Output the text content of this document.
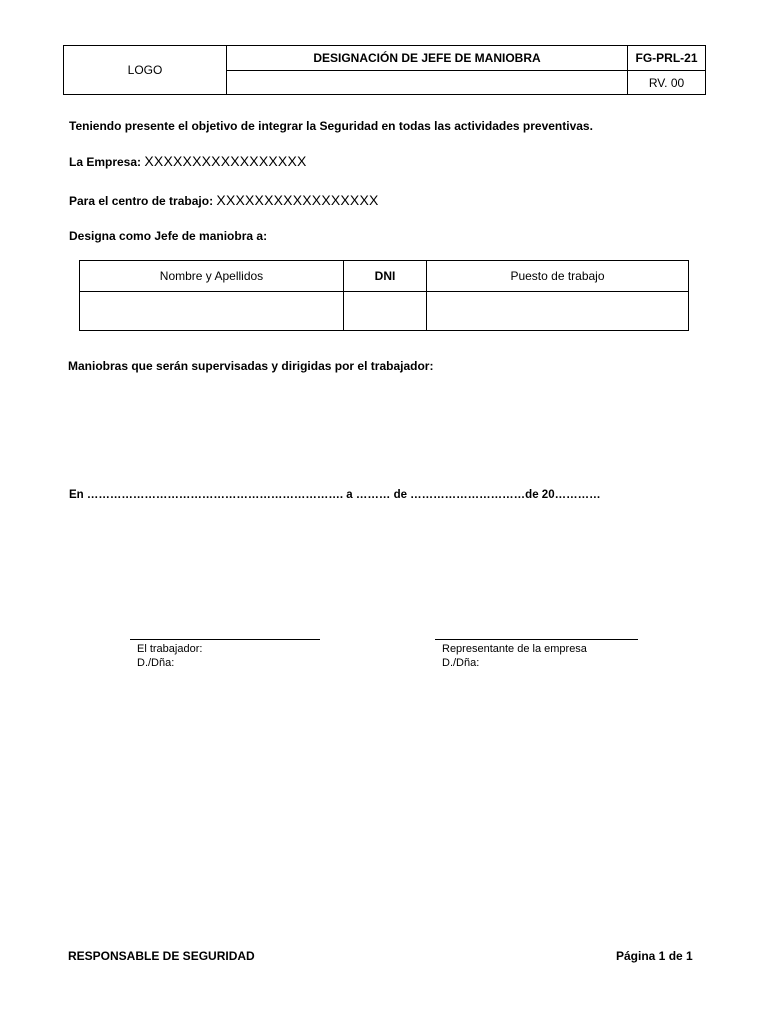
LOGO	DESIGNACIÓN DE JEFE DE MANIOBRA	FG-PRL-21
		RV. 00
Teniendo presente el objetivo de integrar la Seguridad en todas las actividades preventivas.
La Empresa: XXXXXXXXXXXXXXXXX
Para el centro de trabajo: XXXXXXXXXXXXXXXXX
Designa como Jefe de maniobra a:
Nombre y Apellidos	DNI	Puesto de trabajo

Maniobras que serán supervisadas y dirigidas por el trabajador:
En …………………………………………………………. a ……… de …………………………de 20…………
El trabajador:
D./Dña:
Representante de la empresa
D./Dña:
RESPONSABLE DE SEGURIDAD	Página 1 de 1
